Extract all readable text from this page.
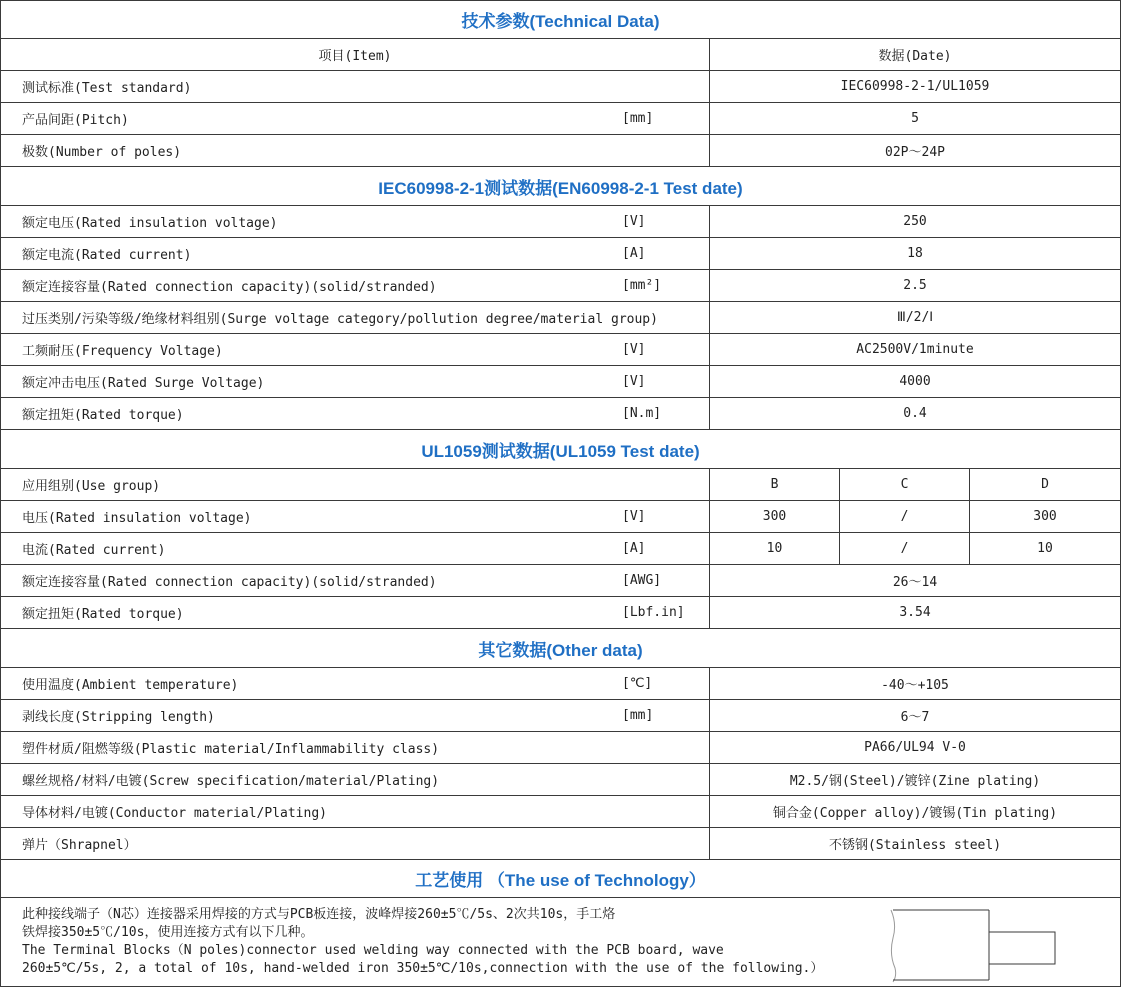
技术参数(Technical Data)			
项目(Item)	数据(Date)		
测试标准(Test standard)	IEC60998-2-1/UL1059		
产品间距(Pitch) [mm]	5		
极数(Number of poles)	02P～24P		
IEC60998-2-1测试数据(EN60998-2-1 Test date)			
额定电压(Rated insulation voltage) [V]	250		
额定电流(Rated current) [A]	18		
额定连接容量(Rated connection capacity)(solid/stranded) [mm²]	2.5		
过压类别/污染等级/绝缘材料组别(Surge voltage category/pollution degree/material group)	Ⅲ/2/Ⅰ		
工频耐压(Frequency Voltage) [V]	AC2500V/1minute		
额定冲击电压(Rated Surge Voltage) [V]	4000		
额定扭矩(Rated torque) [N.m]	0.4		
UL1059测试数据(UL1059 Test date)			
应用组别(Use group)	B	C	D
电压(Rated insulation voltage) [V]	300	/	300
电流(Rated current) [A]	10	/	10
额定连接容量(Rated connection capacity)(solid/stranded) [AWG]	26～14		
额定扭矩(Rated torque) [Lbf.in]	3.54		
其它数据(Other data)			
使用温度(Ambient temperature) [℃]	-40～+105		
剥线长度(Stripping length) [mm]	6～7		
塑件材质/阻燃等级(Plastic material/Inflammability class)	PA66/UL94 V-0		
螺丝规格/材料/电镀(Screw specification/material/Plating)	M2.5/钢(Steel)/镀锌(Zine plating)		
导体材料/电镀(Conductor material/Plating)	铜合金(Copper alloy)/镀锡(Tin plating)		
弹片（Shrapnel）	不锈钢(Stainless steel)		
工艺使用 （The use of Technology）			

此种接线端子（N芯）连接器采用焊接的方式与PCB板连接，波峰焊接260±5℃/5s、2次共10s，手工烙
铁焊接350±5℃/10s，使用连接方式有以下几种。
The Terminal Blocks（N poles)connector used welding way connected with the PCB board, wave
260±5℃/5s, 2, a total of 10s, hand-welded iron 350±5℃/10s,connection with the use of the following.）			
